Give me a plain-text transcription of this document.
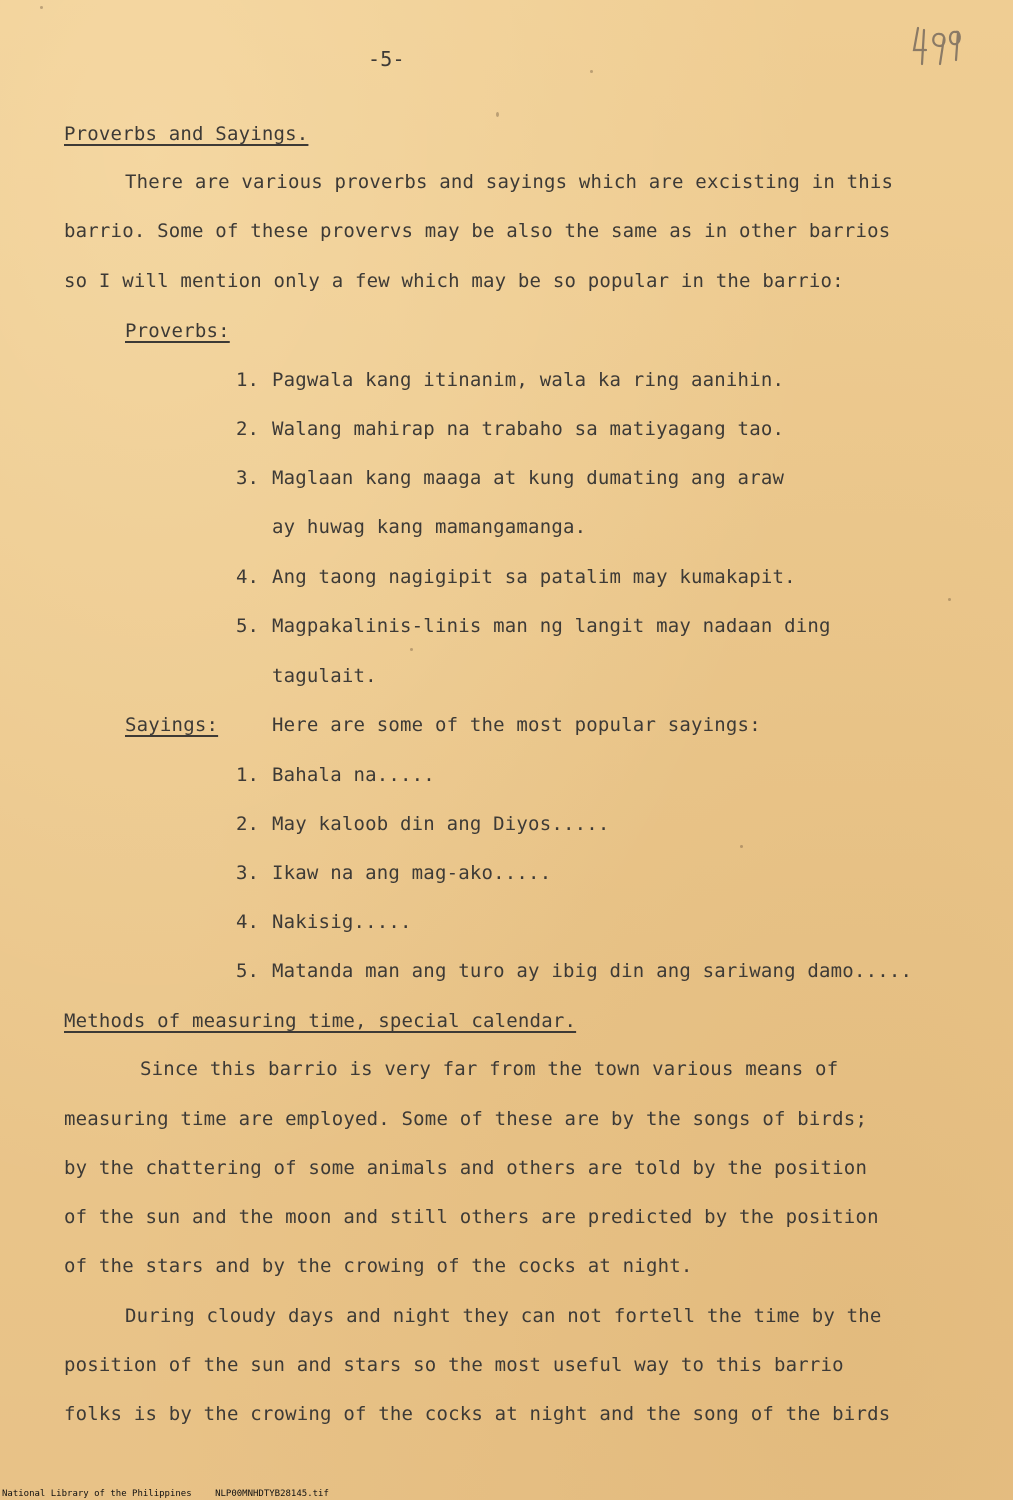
-5-
490
Proverbs and Sayings.
There are various proverbs and sayings which are excisting in this
barrio. Some of these provervs may be also the same as in other barrios
so I will mention only a few which may be so popular in the barrio:
Proverbs:
1. Pagwala kang itinanim, wala ka ring aanihin.
2. Walang mahirap na trabaho sa matiyagang tao.
3. Maglaan kang maaga at kung dumating ang araw
ay huwag kang mamangamanga.
4. Ang taong nagigipit sa patalim may kumakapit.
5. Magpakalinis-linis man ng langit may nadaan ding
tagulait.
Sayings:	Here are some of the most popular sayings:
1. Bahala na.....
2. May kaloob din ang Diyos.....
3. Ikaw na ang mag-ako.....
4. Nakisig.....
5. Matanda man ang turo ay ibig din ang sariwang damo.....
Methods of measuring time, special calendar.
Since this barrio is very far from the town various means of
measuring time are employed. Some of these are by the songs of birds;
by the chattering of some animals and others are told by the position
of the sun and the moon and still others are predicted by the position
of the stars and by the crowing of the cocks at night.
During cloudy days and night they can not fortell the time by the
position of the sun and stars so the most useful way to this barrio
folks is by the crowing of the cocks at night and the song of the birds
National Library of the Philippines	NLP00MNHDTYB28145.tif
